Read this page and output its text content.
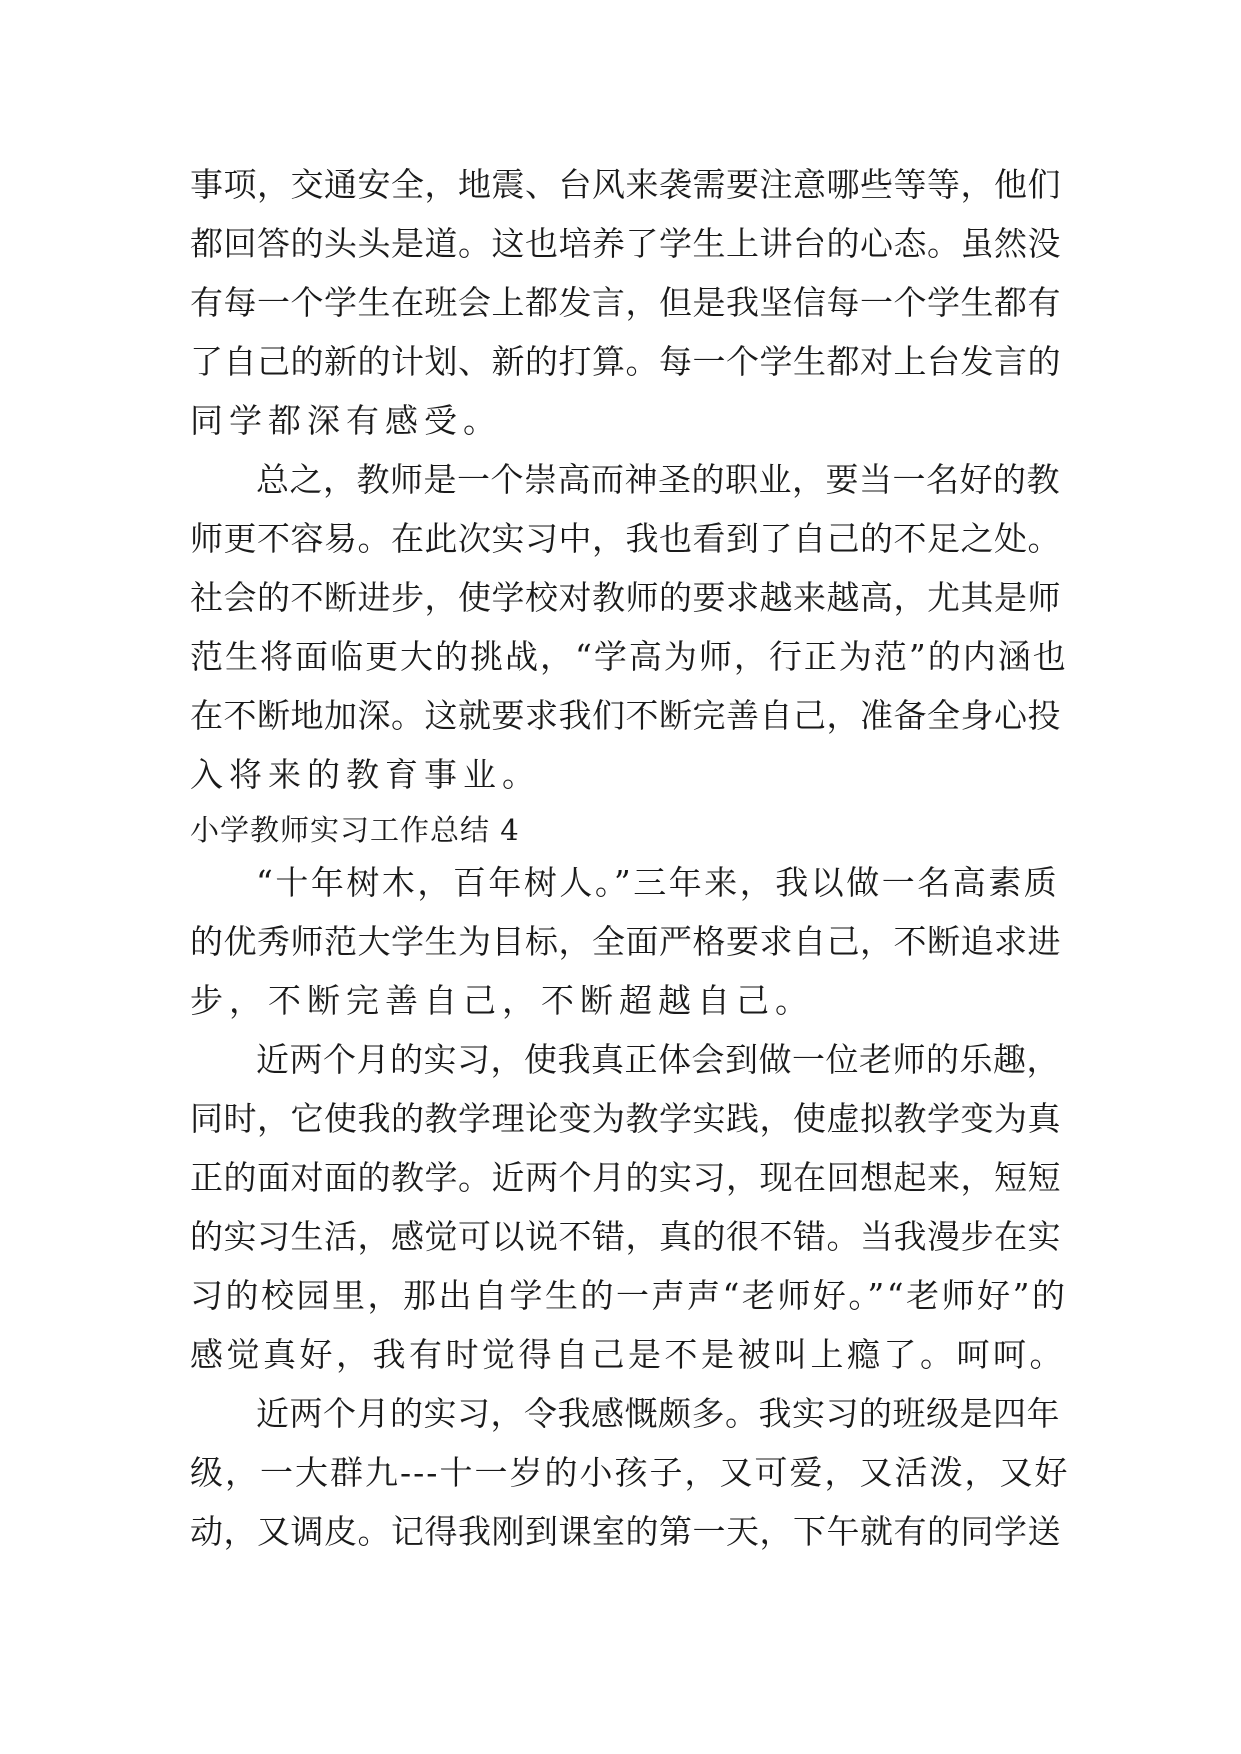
事项，交通安全，地震、台风来袭需要注意哪些等等，他们
都回答的头头是道。这也培养了学生上讲台的心态。虽然没
有每一个学生在班会上都发言，但是我坚信每一个学生都有
了自己的新的计划、新的打算。每一个学生都对上台发言的
同学都深有感受。
总之，教师是一个崇高而神圣的职业，要当一名好的教
师更不容易。在此次实习中，我也看到了自己的不足之处。
社会的不断进步，使学校对教师的要求越来越高，尤其是师
范生将面临更大的挑战，“学高为师，行正为范”的内涵也
在不断地加深。这就要求我们不断完善自己，准备全身心投
入将来的教育事业。
小学教师实习工作总结 4
“十年树木，百年树人。”三年来，我以做一名高素质
的优秀师范大学生为目标，全面严格要求自己，不断追求进
步，不断完善自己，不断超越自己。
近两个月的实习，使我真正体会到做一位老师的乐趣，
同时，它使我的教学理论变为教学实践，使虚拟教学变为真
正的面对面的教学。近两个月的实习，现在回想起来，短短
的实习生活，感觉可以说不错，真的很不错。当我漫步在实
习的校园里，那出自学生的一声声“老师好。”“老师好”的
感觉真好，我有时觉得自己是不是被叫上瘾了。呵呵。
近两个月的实习，令我感慨颇多。我实习的班级是四年
级，一大群九---十一岁的小孩子，又可爱，又活泼，又好
动，又调皮。记得我刚到课室的第一天，下午就有的同学送
